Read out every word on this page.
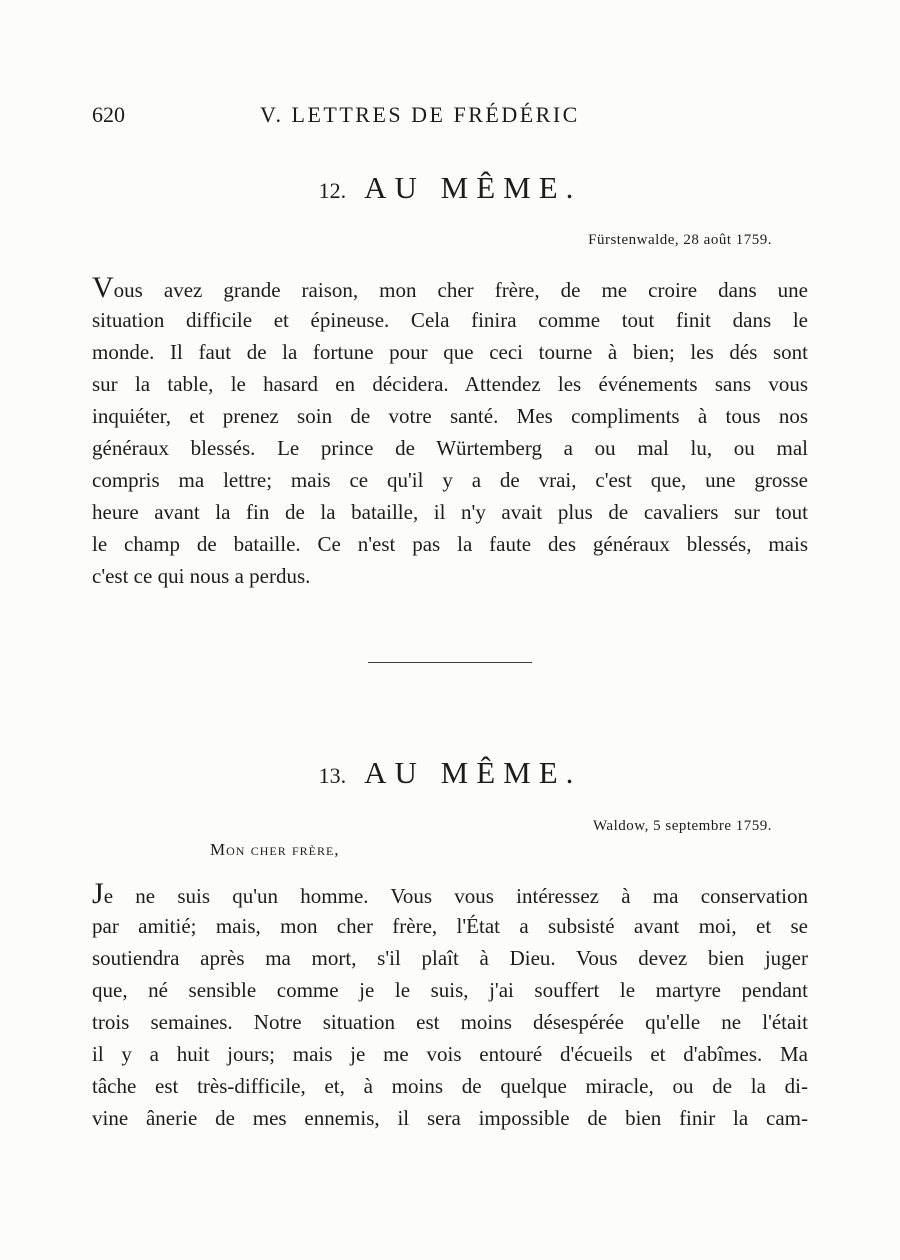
620	V. LETTRES DE FRÉDÉRIC
12. AU MÊME.
Fürstenwalde, 28 août 1759.
Vous avez grande raison, mon cher frère, de me croire dans une
situation difficile et épineuse. Cela finira comme tout finit dans le
monde. Il faut de la fortune pour que ceci tourne à bien; les dés sont
sur la table, le hasard en décidera. Attendez les événements sans vous
inquiéter, et prenez soin de votre santé. Mes compliments à tous nos
généraux blessés. Le prince de Würtemberg a ou mal lu, ou mal
compris ma lettre; mais ce qu'il y a de vrai, c'est que, une grosse
heure avant la fin de la bataille, il n'y avait plus de cavaliers sur tout
le champ de bataille. Ce n'est pas la faute des généraux blessés, mais
c'est ce qui nous a perdus.
13. AU MÊME.
Waldow, 5 septembre 1759.
Mon cher frère,
Je ne suis qu'un homme. Vous vous intéressez à ma conservation
par amitié; mais, mon cher frère, l'État a subsisté avant moi, et se
soutiendra après ma mort, s'il plaît à Dieu. Vous devez bien juger
que, né sensible comme je le suis, j'ai souffert le martyre pendant
trois semaines. Notre situation est moins désespérée qu'elle ne l'était
il y a huit jours; mais je me vois entouré d'écueils et d'abîmes. Ma
tâche est très-difficile, et, à moins de quelque miracle, ou de la di-
vine ânerie de mes ennemis, il sera impossible de bien finir la cam-
